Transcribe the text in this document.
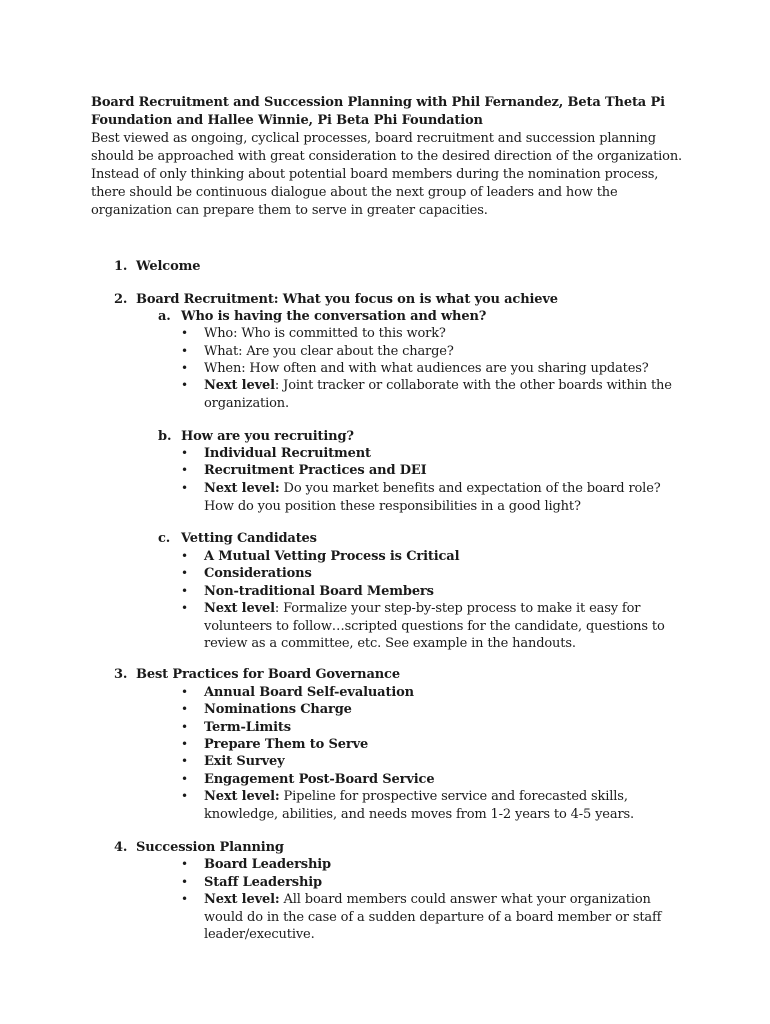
Board Recruitment and Succession Planning with Phil Fernandez, Beta Theta Pi Foundation and Hallee Winnie, Pi Beta Phi Foundation
Best viewed as ongoing, cyclical processes, board recruitment and succession planning should be approached with great consideration to the desired direction of the organization. Instead of only thinking about potential board members during the nomination process, there should be continuous dialogue about the next group of leaders and how the organization can prepare them to serve in greater capacities.
1. Welcome
2. Board Recruitment: What you focus on is what you achieve
a. Who is having the conversation and when?
• Who: Who is committed to this work?
• What: Are you clear about the charge?
• When: How often and with what audiences are you sharing updates?
• Next level: Joint tracker or collaborate with the other boards within the organization.
b. How are you recruiting?
• Individual Recruitment
• Recruitment Practices and DEI
• Next level: Do you market benefits and expectation of the board role? How do you position these responsibilities in a good light?
c. Vetting Candidates
• A Mutual Vetting Process is Critical
• Considerations
• Non-traditional Board Members
• Next level: Formalize your step-by-step process to make it easy for volunteers to follow…scripted questions for the candidate, questions to review as a committee, etc. See example in the handouts.
3. Best Practices for Board Governance
• Annual Board Self-evaluation
• Nominations Charge
• Term-Limits
• Prepare Them to Serve
• Exit Survey
• Engagement Post-Board Service
• Next level: Pipeline for prospective service and forecasted skills, knowledge, abilities, and needs moves from 1-2 years to 4-5 years.
4. Succession Planning
• Board Leadership
• Staff Leadership
• Next level: All board members could answer what your organization would do in the case of a sudden departure of a board member or staff leader/executive.
